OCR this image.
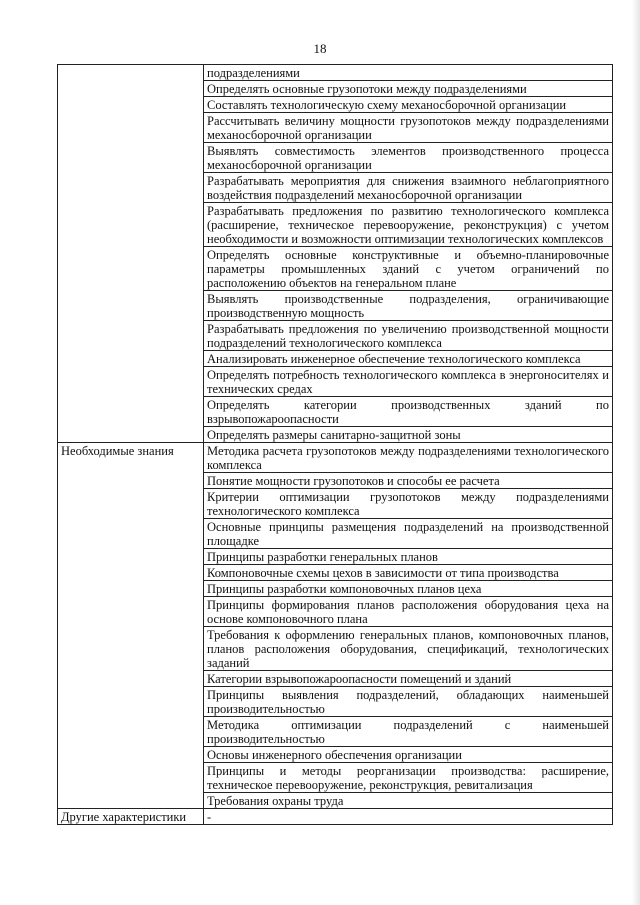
18
	подразделениями
	Определять основные грузопотоки между подразделениями
	Составлять технологическую схему механосборочной организации
	Рассчитывать величину мощности грузопотоков между подразделениями механосборочной организации
	Выявлять совместимость элементов производственного процесса механосборочной организации
	Разрабатывать мероприятия для снижения взаимного неблагоприятного воздействия подразделений механосборочной организации
	Разрабатывать предложения по развитию технологического комплекса (расширение, техническое перевооружение, реконструкция) с учетом необходимости и возможности оптимизации технологических комплексов
	Определять основные конструктивные и объемно-планировочные параметры промышленных зданий с учетом ограничений по расположению объектов на генеральном плане
	Выявлять производственные подразделения, ограничивающие производственную мощность
	Разрабатывать предложения по увеличению производственной мощности подразделений технологического комплекса
	Анализировать инженерное обеспечение технологического комплекса
	Определять потребность технологического комплекса в энергоносителях и технических средах
	Определять категории производственных зданий по взрывопожароопасности
	Определять размеры санитарно-защитной зоны
Необходимые знания	Методика расчета грузопотоков между подразделениями технологического комплекса
	Понятие мощности грузопотоков и способы ее расчета
	Критерии оптимизации грузопотоков между подразделениями технологического комплекса
	Основные принципы размещения подразделений на производственной площадке
	Принципы разработки генеральных планов
	Компоновочные схемы цехов в зависимости от типа производства
	Принципы разработки компоновочных планов цеха
	Принципы формирования планов расположения оборудования цеха на основе компоновочного плана
	Требования к оформлению генеральных планов, компоновочных планов, планов расположения оборудования, спецификаций, технологических заданий
	Категории взрывопожароопасности помещений и зданий
	Принципы выявления подразделений, обладающих наименьшей производительностью
	Методика оптимизации подразделений с наименьшей производительностью
	Основы инженерного обеспечения организации
	Принципы и методы реорганизации производства: расширение, техническое перевооружение, реконструкция, ревитализация
	Требования охраны труда
Другие характеристики	-
